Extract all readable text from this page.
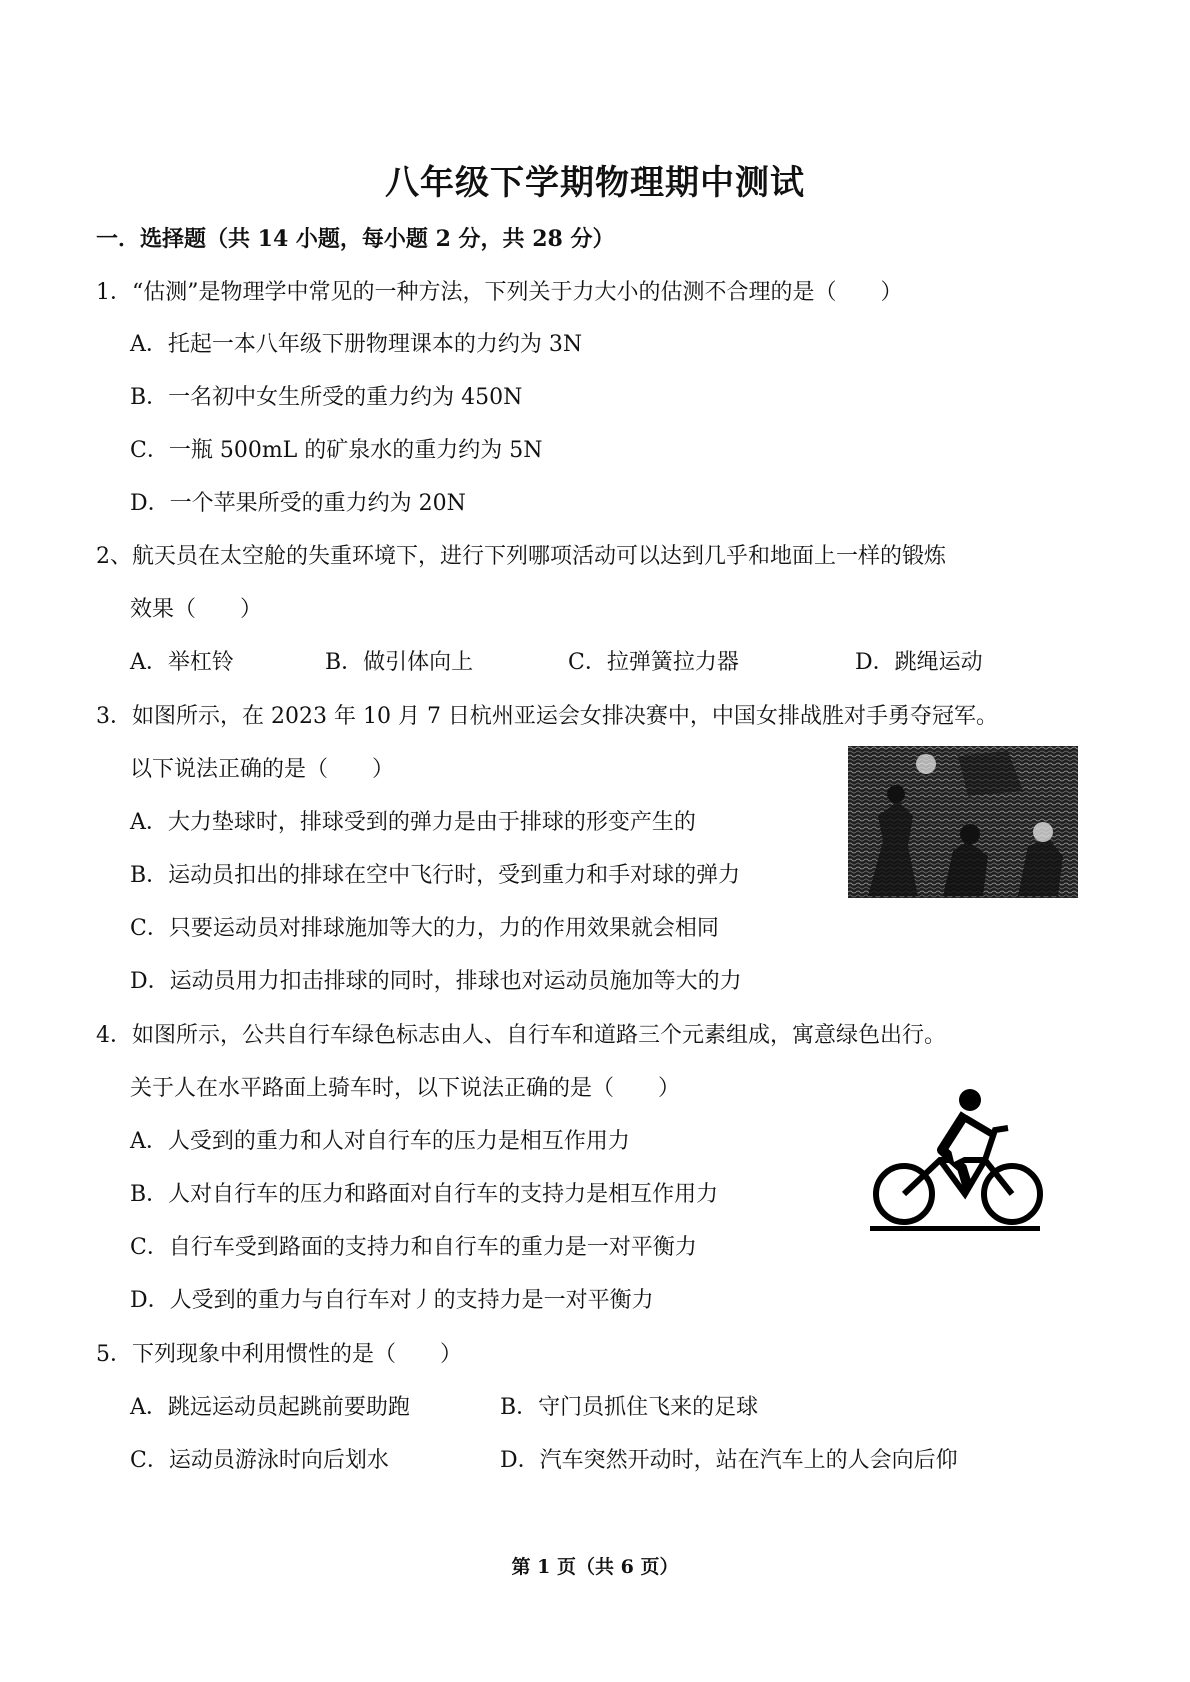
八年级下学期物理期中测试
一．选择题（共 14 小题，每小题 2 分，共 28 分）
1．“估测”是物理学中常见的一种方法，下列关于力大小的估测不合理的是（　　）
A．托起一本八年级下册物理课本的力约为 3N
B．一名初中女生所受的重力约为 450N
C．一瓶 500mL 的矿泉水的重力约为 5N
D．一个苹果所受的重力约为 20N
2、航天员在太空舱的失重环境下，进行下列哪项活动可以达到几乎和地面上一样的锻炼
效果（　　）
A．举杠铃	B．做引体向上	C．拉弹簧拉力器	D．跳绳运动
3．如图所示，在 2023 年 10 月 7 日杭州亚运会女排决赛中，中国女排战胜对手勇夺冠军。
以下说法正确的是（　　）
A．大力垫球时，排球受到的弹力是由于排球的形变产生的
B．运动员扣出的排球在空中飞行时，受到重力和手对球的弹力
C．只要运动员对排球施加等大的力，力的作用效果就会相同
D．运动员用力扣击排球的同时，排球也对运动员施加等大的力
4．如图所示，公共自行车绿色标志由人、自行车和道路三个元素组成，寓意绿色出行。
关于人在水平路面上骑车时，以下说法正确的是（　　）
A．人受到的重力和人对自行车的压力是相互作用力
B．人对自行车的压力和路面对自行车的支持力是相互作用力
C．自行车受到路面的支持力和自行车的重力是一对平衡力
D．人受到的重力与自行车对丿的支持力是一对平衡力
5．下列现象中利用惯性的是（　　）
A．跳远运动员起跳前要助跑	B．守门员抓住飞来的足球
C．运动员游泳时向后划水	D．汽车突然开动时，站在汽车上的人会向后仰
第 1 页（共 6 页）
